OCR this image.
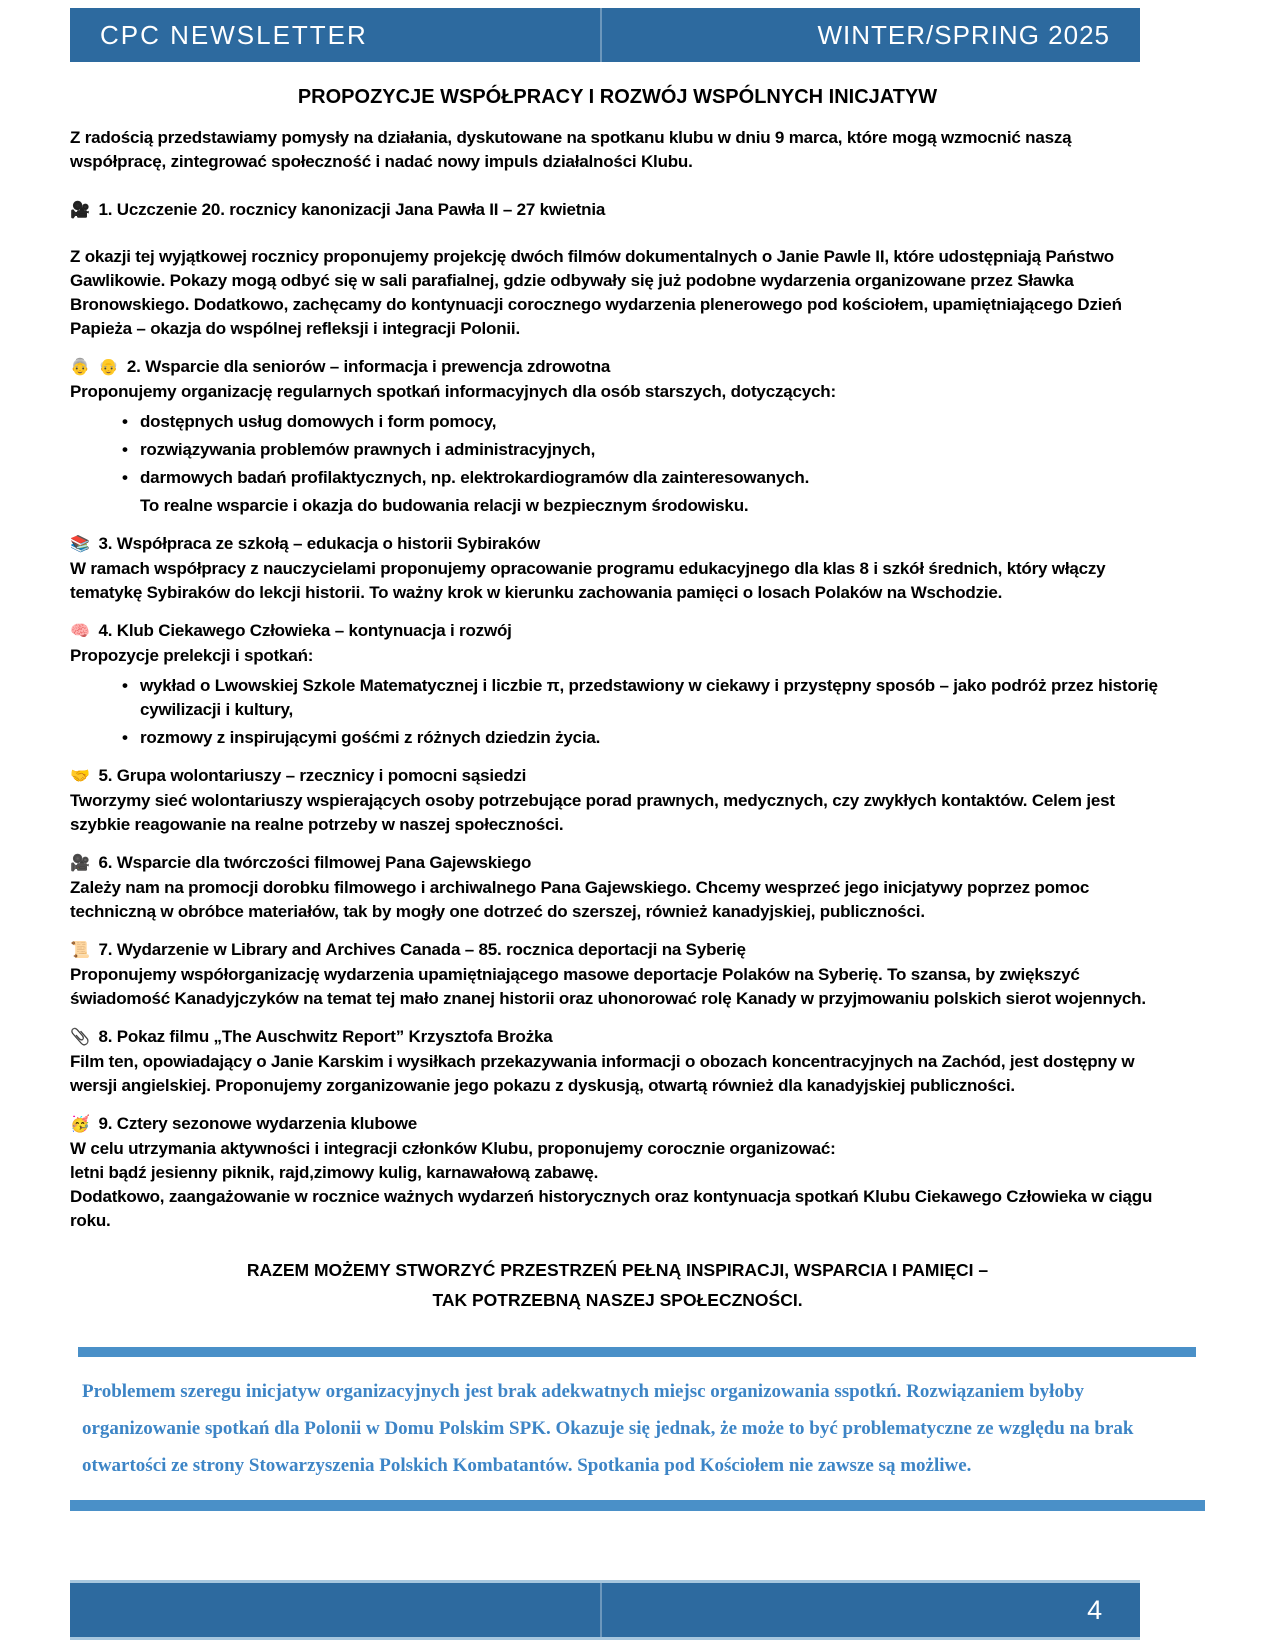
CPC NEWSLETTER	WINTER/SPRING 2025
PROPOZYCJE WSPÓŁPRACY I ROZWÓJ WSPÓLNYCH INICJATYW

Z radością przedstawiamy pomysły na działania, dyskutowane na spotkanu klubu w dniu 9 marca, które mogą wzmocnić naszą współpracę, zintegrować społeczność i nadać nowy impuls działalności Klubu.

🎥 1. Uczczenie 20. rocznicy kanonizacji Jana Pawła II – 27 kwietnia

Z okazji tej wyjątkowej rocznicy proponujemy projekcję dwóch filmów dokumentalnych o Janie Pawle II, które udostępniają Państwo Gawlikowie. Pokazy mogą odbyć się w sali parafialnej, gdzie odbywały się już podobne wydarzenia organizowane przez Sławka Bronowskiego. Dodatkowo, zachęcamy do kontynuacji corocznego wydarzenia plenerowego pod kościołem, upamiętniającego Dzień Papieża – okazja do wspólnej refleksji i integracji Polonii.

👵 👴 2. Wsparcie dla seniorów – informacja i prewencja zdrowotna

Proponujemy organizację regularnych spotkań informacyjnych dla osób starszych, dotyczących:

• dostępnych usług domowych i form pomocy,
• rozwiązywania problemów prawnych i administracyjnych,
• darmowych badań profilaktycznych, np. elektrokardiogramów dla zainteresowanych.

To realne wsparcie i okazja do budowania relacji w bezpiecznym środowisku.

📚 3. Współpraca ze szkołą – edukacja o historii Sybiraków

W ramach współpracy z nauczycielami proponujemy opracowanie programu edukacyjnego dla klas 8 i szkół średnich, który włączy tematykę Sybiraków do lekcji historii. To ważny krok w kierunku zachowania pamięci o losach Polaków na Wschodzie.

🧠 4. Klub Ciekawego Człowieka – kontynuacja i rozwój

Propozycje prelekcji i spotkań:

• wykład o Lwowskiej Szkole Matematycznej i liczbie π, przedstawiony w ciekawy i przystępny sposób – jako podróż przez historię cywilizacji i kultury,
• rozmowy z inspirującymi gośćmi z różnych dziedzin życia.
🤝 5. Grupa wolontariuszy – rzecznicy i pomocni sąsiedzi

Tworzymy sieć wolontariuszy wspierających osoby potrzebujące porad prawnych, medycznych, czy zwykłych kontaktów. Celem jest szybkie reagowanie na realne potrzeby w naszej społeczności.

🎥 6. Wsparcie dla twórczości filmowej Pana Gajewskiego

Zależy nam na promocji dorobku filmowego i archiwalnego Pana Gajewskiego. Chcemy wesprzeć jego inicjatywy poprzez pomoc techniczną w obróbce materiałów, tak by mogły one dotrzeć do szerszej, również kanadyjskiej, publiczności.

📜 7. Wydarzenie w Library and Archives Canada – 85. rocznica deportacji na Syberię

Proponujemy współorganizację wydarzenia upamiętniającego masowe deportacje Polaków na Syberię. To szansa, by zwiększyć świadomość Kanadyjczyków na temat tej mało znanej historii oraz uhonorować rolę Kanady w przyjmowaniu polskich sierot wojennych.

📎 8. Pokaz filmu „The Auschwitz Report” Krzysztofa Brożka

Film ten, opowiadający o Janie Karskim i wysiłkach przekazywania informacji o obozach koncentracyjnych na Zachód, jest dostępny w wersji angielskiej. Proponujemy zorganizowanie jego pokazu z dyskusją, otwartą również dla kanadyjskiej publiczności.

🥳 9. Cztery sezonowe wydarzenia klubowe

W celu utrzymania aktywności i integracji członków Klubu, proponujemy corocznie organizować:

letni bądź jesienny piknik, rajd,zimowy kulig, karnawałową zabawę.

Dodatkowo, zaangażowanie w rocznice ważnych wydarzeń historycznych oraz kontynuacja spotkań Klubu Ciekawego Człowieka w ciągu roku.

RAZEM MOŻEMY STWORZYĆ PRZESTRZEŃ PEŁNĄ INSPIRACJI, WSPARCIA I PAMIĘCI –
TAK POTRZEBNĄ NASZEJ SPOŁECZNOŚCI.

Problemem szeregu inicjatyw organizacyjnych jest brak adekwatnych miejsc organizowania sspotkń. Rozwiązaniem byłoby organizowanie spotkań dla Polonii w Domu Polskim SPK. Okazuje się jednak, że może to być problematyczne ze względu na brak otwartości ze strony Stowarzyszenia Polskich Kombatantów. Spotkania pod Kościołem nie zawsze są możliwe.

4
